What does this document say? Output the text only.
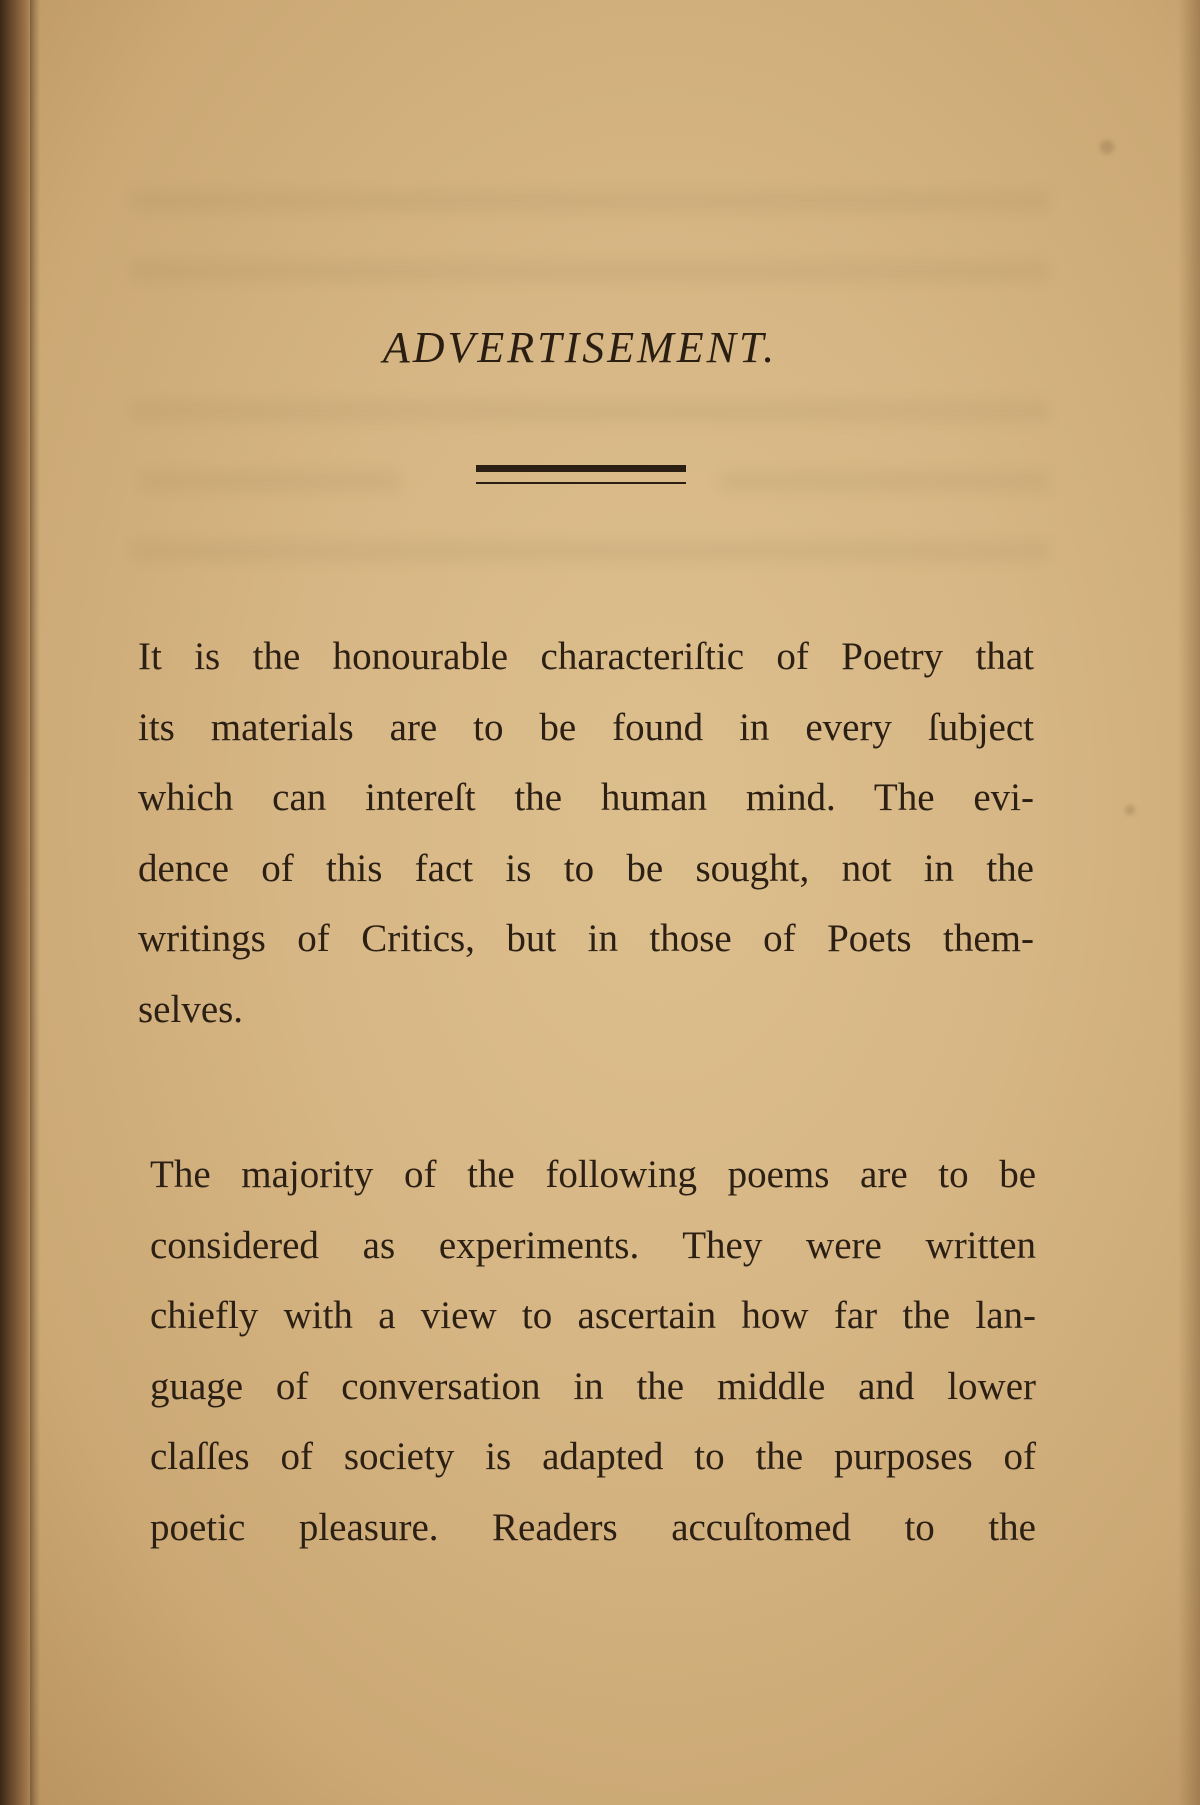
ADVERTISEMENT.
It is the honourable characteriſtic of Poetry that
its materials are to be found in every ſubject
which can intereſt the human mind. The evi-
dence of this fact is to be sought, not in the
writings of Critics, but in those of Poets them-
selves.
The majority of the following poems are to be
considered as experiments. They were written
chiefly with a view to ascertain how far the lan-
guage of conversation in the middle and lower
claſſes of society is adapted to the purposes of
poetic pleasure. Readers accuſtomed to the
